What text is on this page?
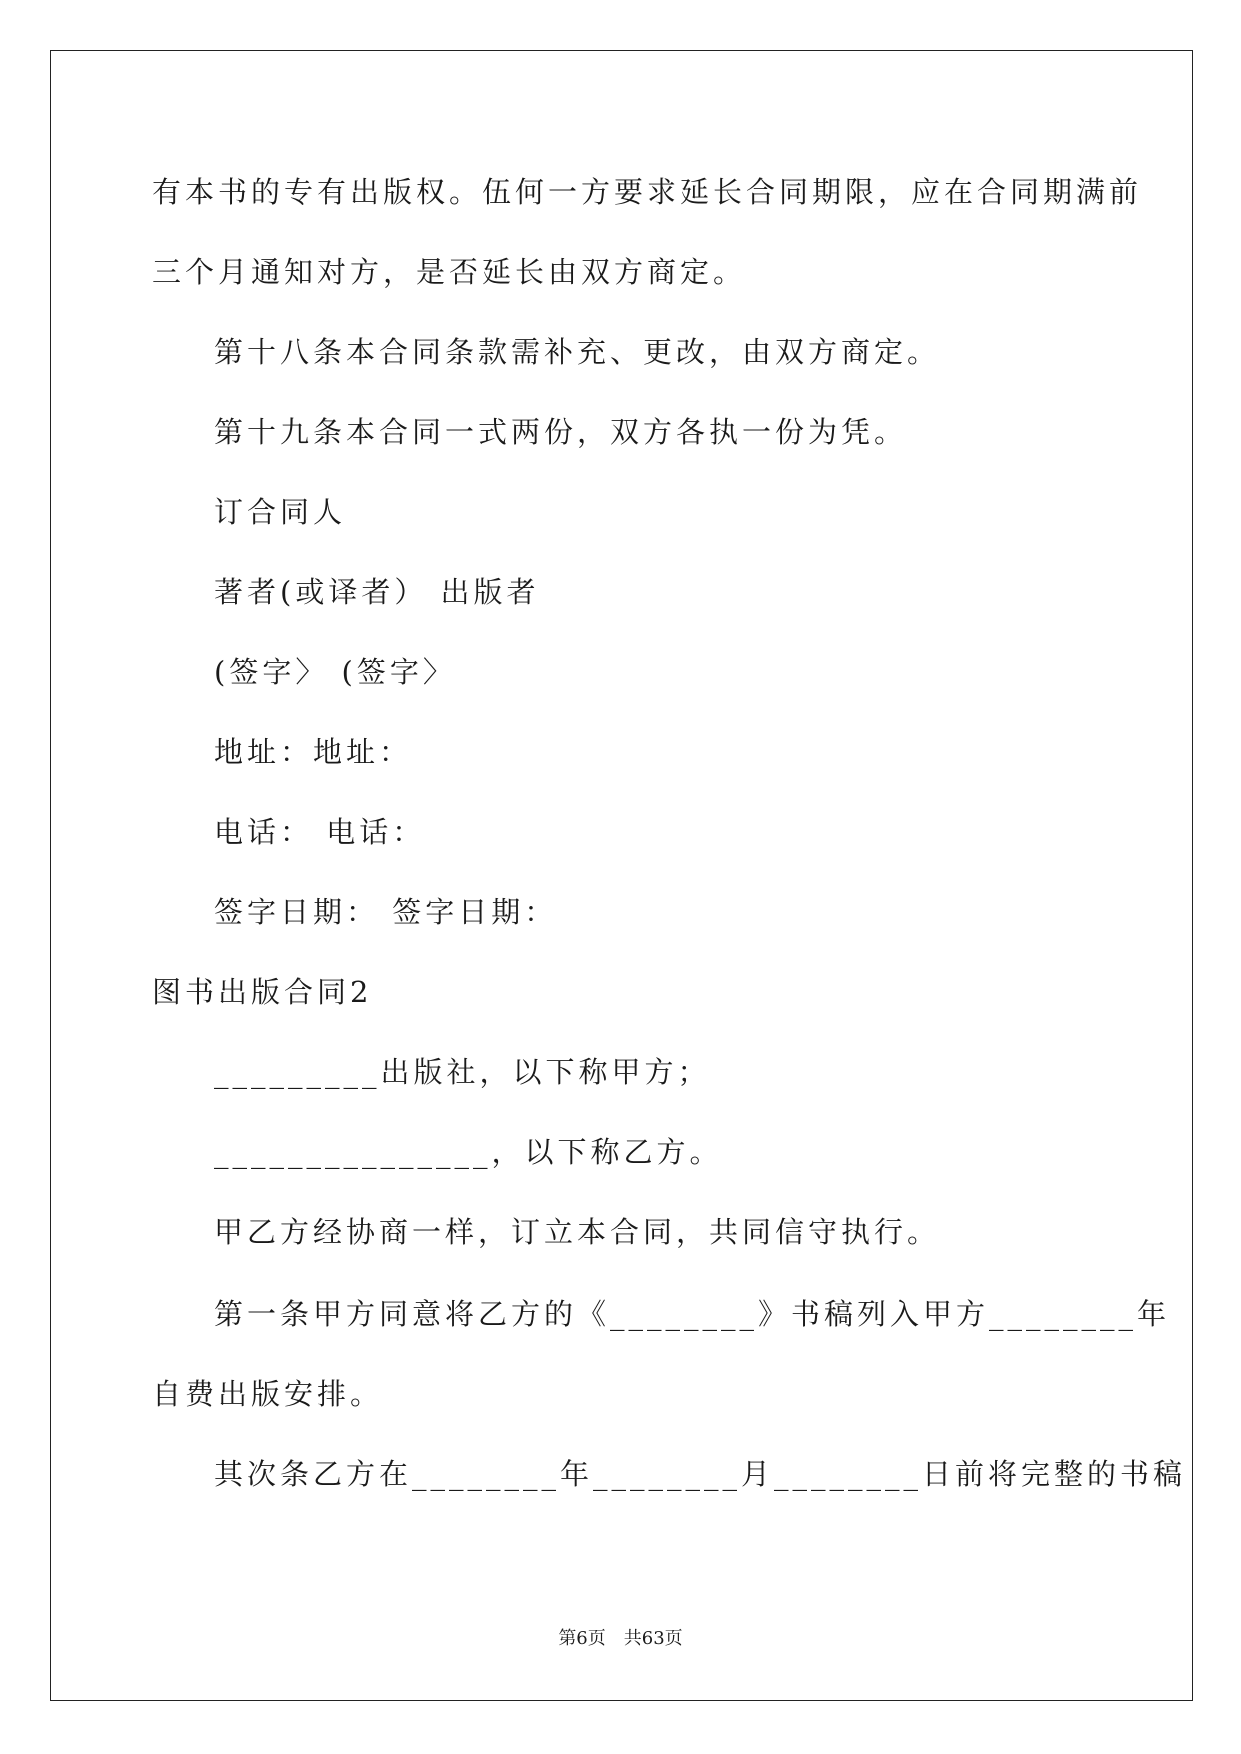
有本书的专有出版权。伍何一方要求延长合同期限，应在合同期满前
三个月通知对方，是否延长由双方商定。
第十八条本合同条款需补充、更改，由双方商定。
第十九条本合同一式两份，双方各执一份为凭。
订合同人
著者(或译者） 出版者
(签字〉 (签字〉
地址：地址：
电话： 电话：
签字日期： 签字日期：
图书出版合同2
_________出版社，以下称甲方；
_______________，以下称乙方。
甲乙方经协商一样，订立本合同，共同信守执行。
第一条甲方同意将乙方的《________》书稿列入甲方________年
自费出版安排。
其次条乙方在________年________月________日前将完整的书稿
第6页 共63页
